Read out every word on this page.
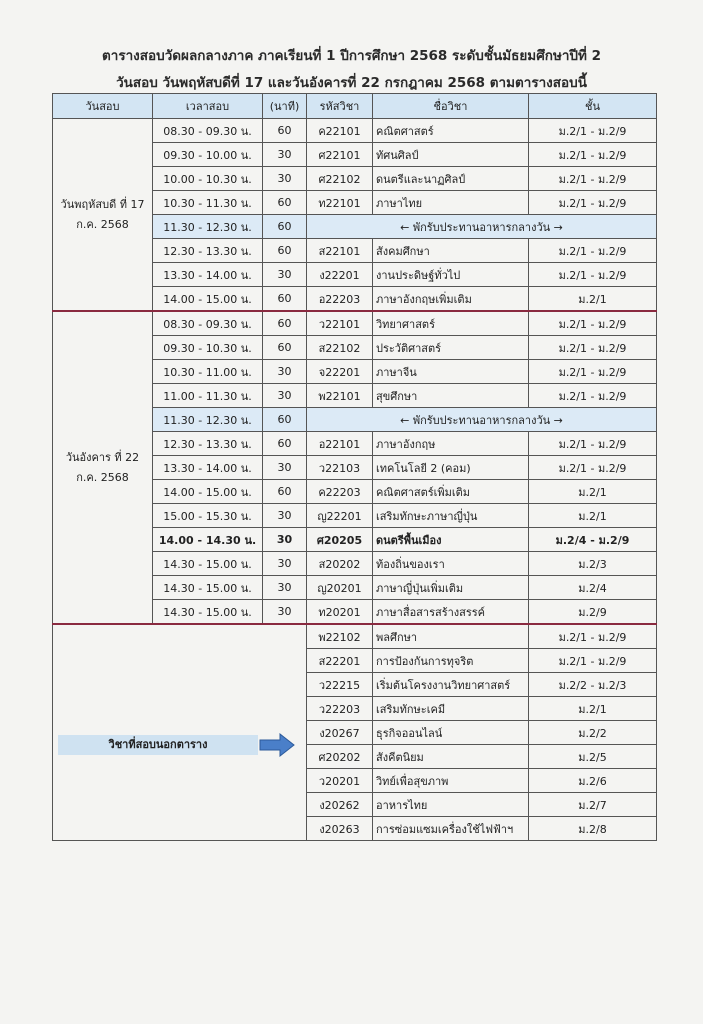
ตารางสอบวัดผลกลางภาค ภาคเรียนที่ 1 ปีการศึกษา 2568 ระดับชั้นมัธยมศึกษาปีที่ 2
วันสอบ วันพฤหัสบดีที่ 17 และวันอังคารที่ 22 กรกฎาคม 2568 ตามตารางสอบนี้
วันสอบ	เวลาสอบ	(นาที)	รหัสวิชา	ชื่อวิชา	ชั้น
วันพฤหัสบดี ที่ 17 ก.ค. 2568	08.30 - 09.30 น.	60	ค22101	คณิตศาสตร์	ม.2/1 - ม.2/9
	09.30 - 10.00 น.	30	ศ22101	ทัศนศิลป์	ม.2/1 - ม.2/9
	10.00 - 10.30 น.	30	ศ22102	ดนตรีและนาฏศิลป์	ม.2/1 - ม.2/9
	10.30 - 11.30 น.	60	ท22101	ภาษาไทย	ม.2/1 - ม.2/9
	11.30 - 12.30 น.	60	← พักรับประทานอาหารกลางวัน →		
	12.30 - 13.30 น.	60	ส22101	สังคมศึกษา	ม.2/1 - ม.2/9
	13.30 - 14.00 น.	30	ง22201	งานประดิษฐ์ทั่วไป	ม.2/1 - ม.2/9
	14.00 - 15.00 น.	60	อ22203	ภาษาอังกฤษเพิ่มเติม	ม.2/1
วันอังคาร ที่ 22 ก.ค. 2568	08.30 - 09.30 น.	60	ว22101	วิทยาศาสตร์	ม.2/1 - ม.2/9
	09.30 - 10.30 น.	60	ส22102	ประวัติศาสตร์	ม.2/1 - ม.2/9
	10.30 - 11.00 น.	30	จ22201	ภาษาจีน	ม.2/1 - ม.2/9
	11.00 - 11.30 น.	30	พ22101	สุขศึกษา	ม.2/1 - ม.2/9
	11.30 - 12.30 น.	60	← พักรับประทานอาหารกลางวัน →		
	12.30 - 13.30 น.	60	อ22101	ภาษาอังกฤษ	ม.2/1 - ม.2/9
	13.30 - 14.00 น.	30	ว22103	เทคโนโลยี 2 (คอม)	ม.2/1 - ม.2/9
	14.00 - 15.00 น.	60	ค22203	คณิตศาสตร์เพิ่มเติม	ม.2/1
	15.00 - 15.30 น.	30	ญ22201	เสริมทักษะภาษาญี่ปุ่น	ม.2/1
	14.00 - 14.30 น.	30	ศ20205	ดนตรีพื้นเมือง	ม.2/4 - ม.2/9
	14.30 - 15.00 น.	30	ส20202	ท้องถิ่นของเรา	ม.2/3
	14.30 - 15.00 น.	30	ญ20201	ภาษาญี่ปุ่นเพิ่มเติม	ม.2/4
	14.30 - 15.00 น.	30	ท20201	ภาษาสื่อสารสร้างสรรค์	ม.2/9
			พ22102	พลศึกษา	ม.2/1 - ม.2/9
			ส22201	การป้องกันการทุจริต	ม.2/1 - ม.2/9
			ว22215	เริ่มต้นโครงงานวิทยาศาสตร์	ม.2/2 - ม.2/3
			ว22203	เสริมทักษะเคมี	ม.2/1
			ง20267	ธุรกิจออนไลน์	ม.2/2
			ศ20202	สังคีตนิยม	ม.2/5
			ว20201	วิทย์เพื่อสุขภาพ	ม.2/6
			ง20262	อาหารไทย	ม.2/7
			ง20263	การซ่อมแซมเครื่องใช้ไฟฟ้าฯ	ม.2/8
วิชาที่สอบนอกตาราง
